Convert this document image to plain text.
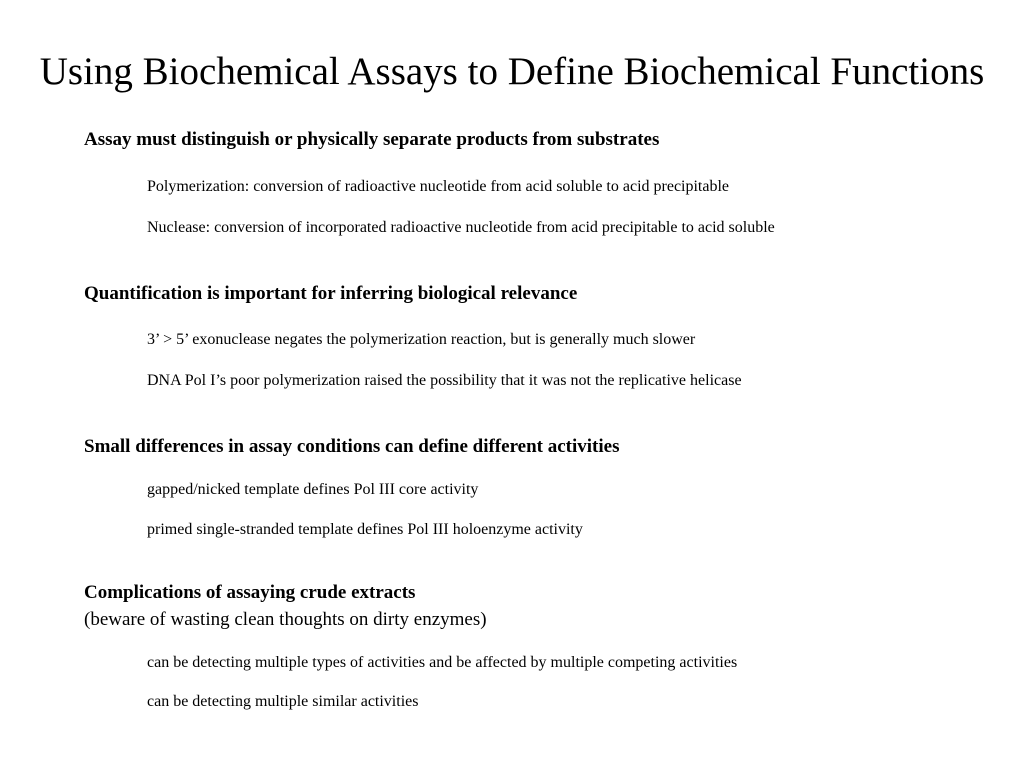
Using Biochemical Assays to Define Biochemical Functions

Assay must distinguish or physically separate products from substrates

Polymerization: conversion of radioactive nucleotide from acid soluble to acid precipitable

Nuclease: conversion of incorporated radioactive nucleotide from acid precipitable to acid soluble

Quantification is important for inferring biological relevance

3’ > 5’ exonuclease negates the polymerization reaction, but is generally much slower

DNA Pol I’s poor polymerization raised the possibility that it was not the replicative helicase

Small differences in assay conditions can define different activities

gapped/nicked template defines Pol III core activity

primed single-stranded template defines Pol III holoenzyme activity

Complications of assaying crude extracts

(beware of wasting clean thoughts on dirty enzymes)

can be detecting multiple types of activities and be affected by multiple competing activities

can be detecting multiple similar activities
